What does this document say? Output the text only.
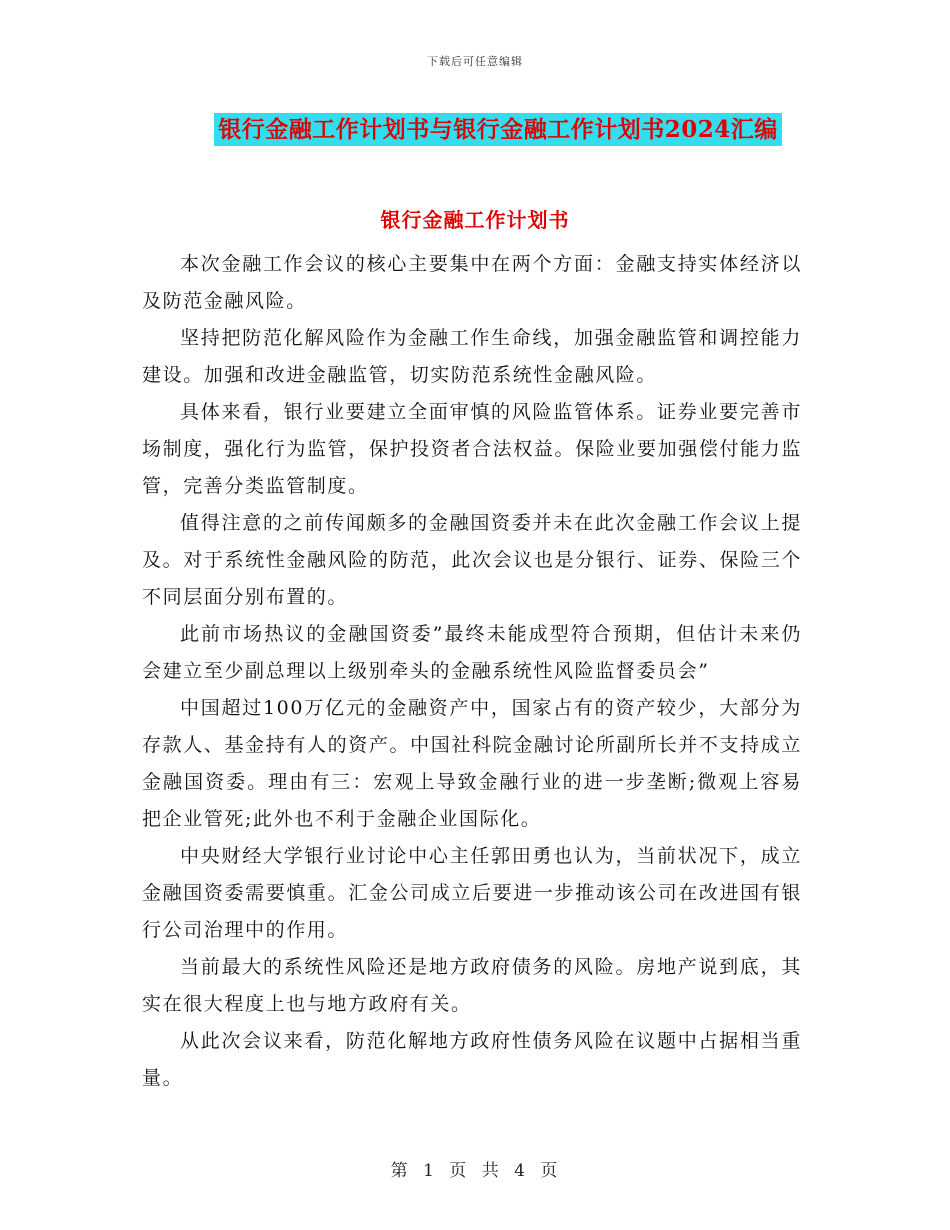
下载后可任意编辑
银行金融工作计划书与银行金融工作计划书2024汇编
银行金融工作计划书

本次金融工作会议的核心主要集中在两个方面：金融支持实体经济以及防范金融风险。

坚持把防范化解风险作为金融工作生命线，加强金融监管和调控能力建设。加强和改进金融监管，切实防范系统性金融风险。

具体来看，银行业要建立全面审慎的风险监管体系。证券业要完善市场制度，强化行为监管，保护投资者合法权益。保险业要加强偿付能力监管，完善分类监管制度。

值得注意的之前传闻颇多的金融国资委并未在此次金融工作会议上提及。对于系统性金融风险的防范，此次会议也是分银行、证券、保险三个不同层面分别布置的。

此前市场热议的金融国资委”最终未能成型符合预期，但估计未来仍会建立至少副总理以上级别牵头的金融系统性风险监督委员会”

中国超过100万亿元的金融资产中，国家占有的资产较少，大部分为存款人、基金持有人的资产。中国社科院金融讨论所副所长并不支持成立金融国资委。理由有三：宏观上导致金融行业的进一步垄断;微观上容易把企业管死;此外也不利于金融企业国际化。

中央财经大学银行业讨论中心主任郭田勇也认为，当前状况下，成立金融国资委需要慎重。汇金公司成立后要进一步推动该公司在改进国有银行公司治理中的作用。

当前最大的系统性风险还是地方政府债务的风险。房地产说到底，其实在很大程度上也与地方政府有关。

从此次会议来看，防范化解地方政府性债务风险在议题中占据相当重量。

第 1 页 共 4 页
